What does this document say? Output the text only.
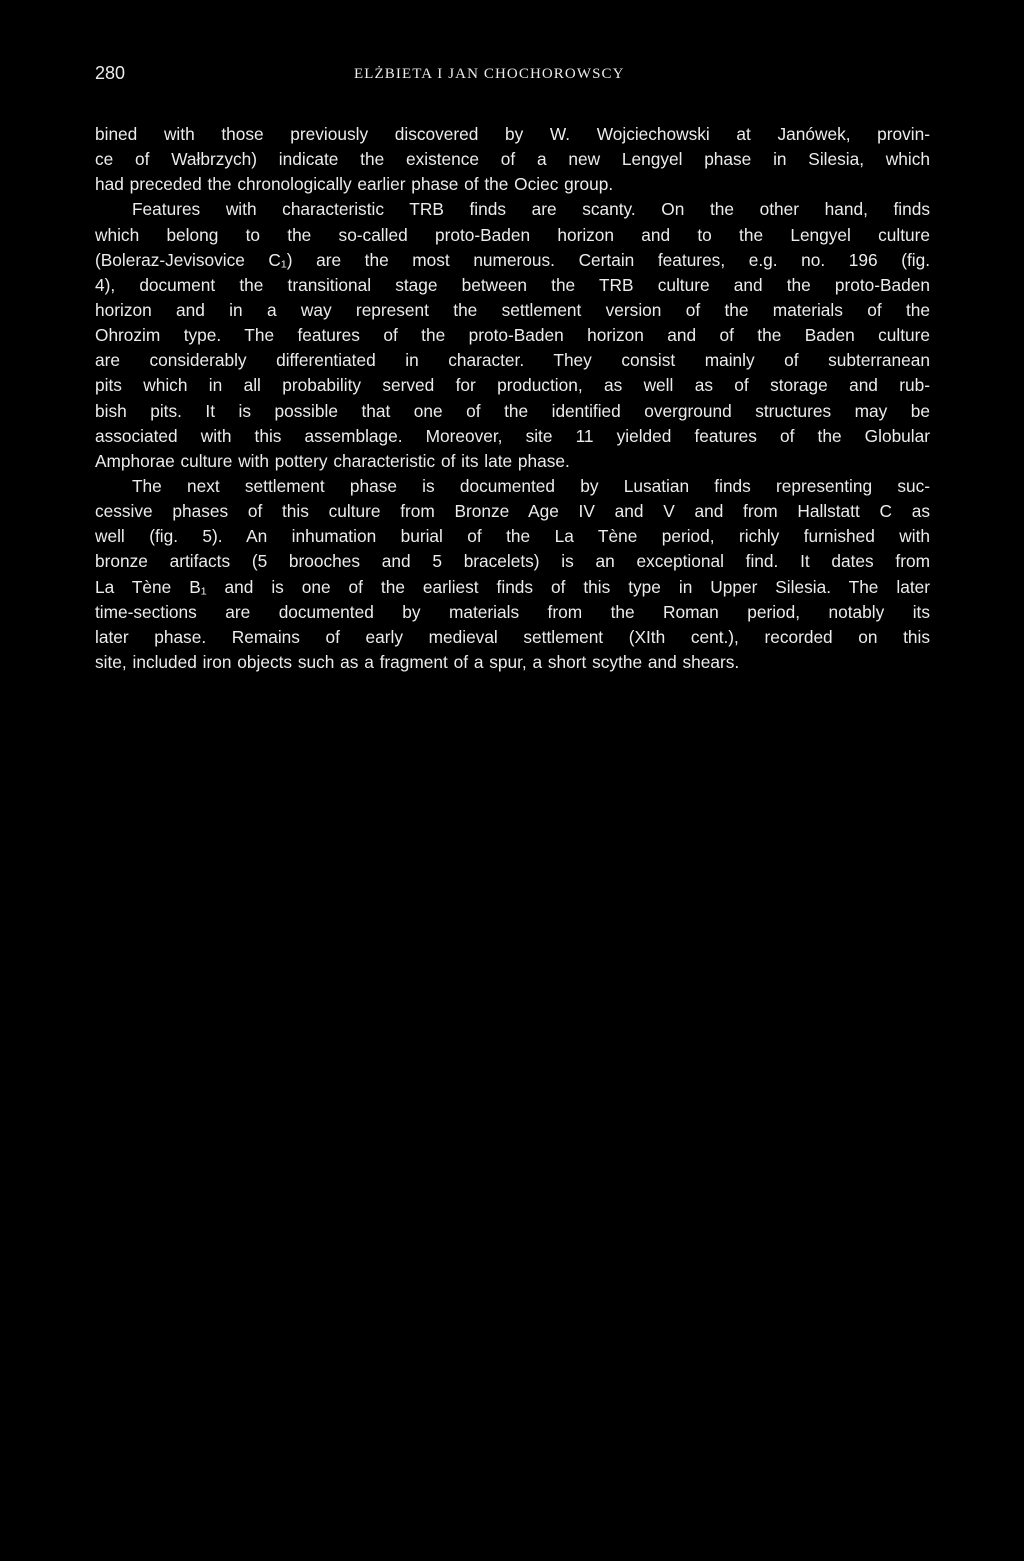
280	ELŻBIETA I JAN CHOCHOROWSCY
bined with those previously discovered by W. Wojciechowski at Janówek, provin-
ce of Wałbrzych) indicate the existence of a new Lengyel phase in Silesia, which
had preceded the chronologically earlier phase of the Ociec group.
Features with characteristic TRB finds are scanty. On the other hand, finds
which belong to the so-called proto-Baden horizon and to the Lengyel culture
(Boleraz-Jevisovice C₁) are the most numerous. Certain features, e.g. no. 196 (fig.
4), document the transitional stage between the TRB culture and the proto-Baden
horizon and in a way represent the settlement version of the materials of the
Ohrozim type. The features of the proto-Baden horizon and of the Baden culture
are considerably differentiated in character. They consist mainly of subterranean
pits which in all probability served for production, as well as of storage and rub-
bish pits. It is possible that one of the identified overground structures may be
associated with this assemblage. Moreover, site 11 yielded features of the Globular
Amphorae culture with pottery characteristic of its late phase.
The next settlement phase is documented by Lusatian finds representing suc-
cessive phases of this culture from Bronze Age IV and V and from Hallstatt C as
well (fig. 5). An inhumation burial of the La Tène period, richly furnished with
bronze artifacts (5 brooches and 5 bracelets) is an exceptional find. It dates from
La Tène B₁ and is one of the earliest finds of this type in Upper Silesia. The later
time-sections are documented by materials from the Roman period, notably its
later phase. Remains of early medieval settlement (XIth cent.), recorded on this
site, included iron objects such as a fragment of a spur, a short scythe and shears.
